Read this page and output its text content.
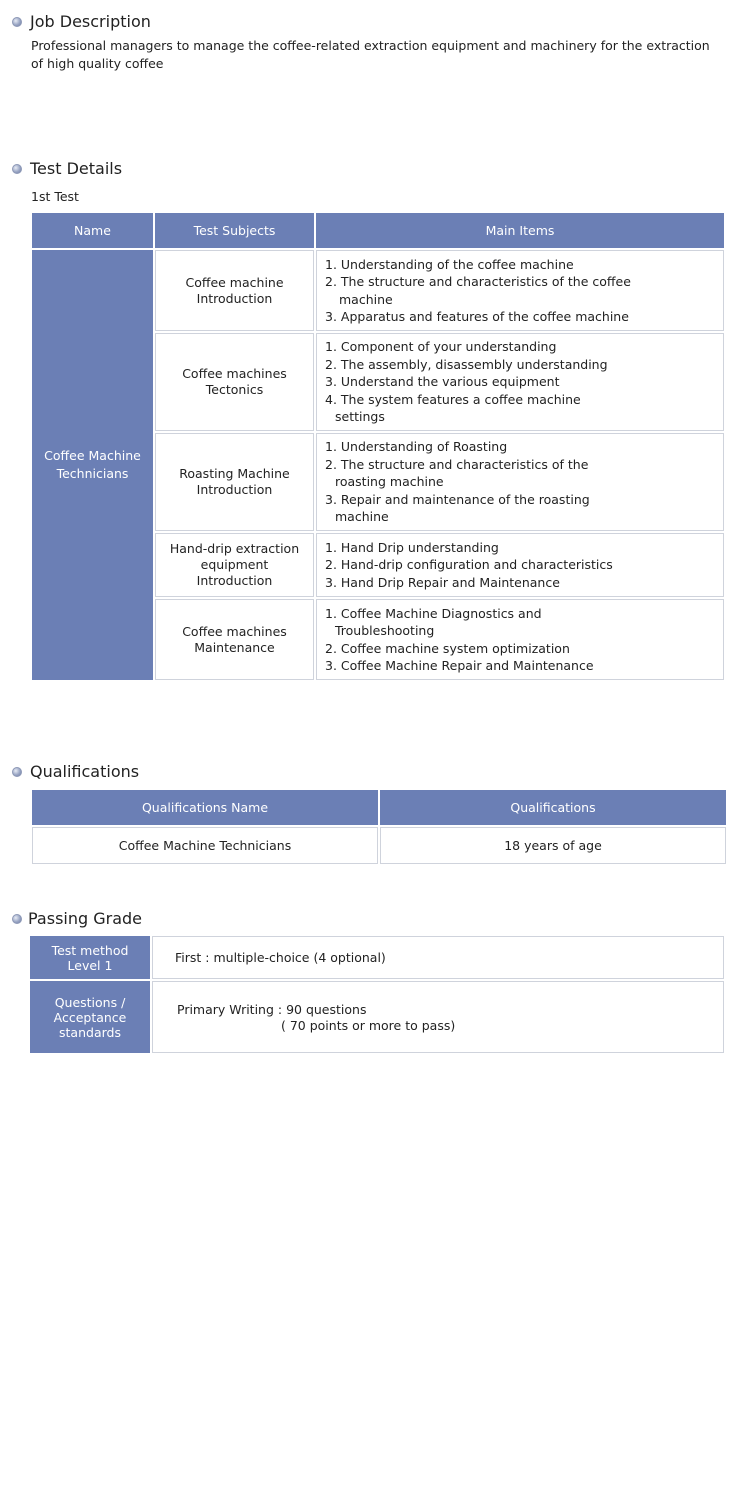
Job Description
Professional managers to manage the coffee-related extraction equipment and machinery for the extraction of high quality coffee
Test Details
1st Test
Name	Test Subjects	Main Items
Coffee Machine Technicians	Coffee machine Introduction	1. Understanding of the coffee machine
2. The structure and characteristics of the coffee
machine
3. Apparatus and features of the coffee machine

	Coffee machines Tectonics	1. Component of your understanding
2. The assembly, disassembly understanding
3. Understand the various equipment
4. The system features a coffee machine
settings

	Roasting Machine Introduction	1. Understanding of Roasting
2. The structure and characteristics of the
roasting machine
3. Repair and maintenance of the roasting
machine

	Hand-drip extraction equipment Introduction	1. Hand Drip understanding
2. Hand-drip configuration and characteristics
3. Hand Drip Repair and Maintenance

	Coffee machines Maintenance	1. Coffee Machine Diagnostics and
Troubleshooting
2. Coffee machine system optimization
3. Coffee Machine Repair and Maintenance
Qualifications
Qualifications Name	Qualifications
Coffee Machine Technicians	18 years of age
Passing Grade
Test method Level 1	First : multiple-choice (4 optional)
Questions / Acceptance standards	Primary Writing : 90 questions
( 70 points or more to pass)
